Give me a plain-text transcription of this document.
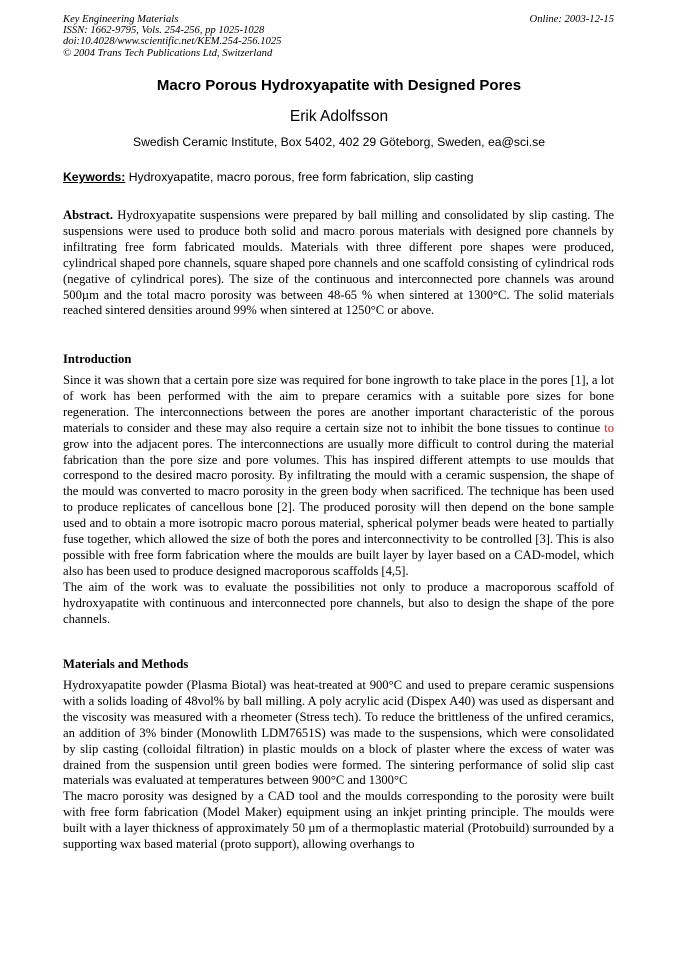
Key Engineering Materials
ISSN: 1662-9795, Vols. 254-256, pp 1025-1028
doi:10.4028/www.scientific.net/KEM.254-256.1025
© 2004 Trans Tech Publications Ltd, Switzerland
Online: 2003-12-15
Macro Porous Hydroxyapatite with Designed Pores
Erik Adolfsson
Swedish Ceramic Institute, Box 5402, 402 29 Göteborg, Sweden, ea@sci.se
Keywords: Hydroxyapatite, macro porous, free form fabrication, slip casting

Abstract. Hydroxyapatite suspensions were prepared by ball milling and consolidated by slip casting. The suspensions were used to produce both solid and macro porous materials with designed pore channels by infiltrating free form fabricated moulds. Materials with three different pore shapes were produced, cylindrical shaped pore channels, square shaped pore channels and one scaffold consisting of cylindrical rods (negative of cylindrical pores). The size of the continuous and interconnected pore channels was around 500µm and the total macro porosity was between 48-65 % when sintered at 1300°C. The solid materials reached sintered densities around 99% when sintered at 1250°C or above.

Introduction

Since it was shown that a certain pore size was required for bone ingrowth to take place in the pores [1], a lot of work has been performed with the aim to prepare ceramics with a suitable pore sizes for bone regeneration. The interconnections between the pores are another important characteristic of the porous materials to consider and these may also require a certain size not to inhibit the bone tissues to continue to grow into the adjacent pores. The interconnections are usually more difficult to control during the material fabrication than the pore size and pore volumes. This has inspired different attempts to use moulds that correspond to the desired macro porosity. By infiltrating the mould with a ceramic suspension, the shape of the mould was converted to macro porosity in the green body when sacrificed. The technique has been used to produce replicates of cancellous bone [2]. The produced porosity will then depend on the bone sample used and to obtain a more isotropic macro porous material, spherical polymer beads were heated to partially fuse together, which allowed the size of both the pores and interconnectivity to be controlled [3]. This is also possible with free form fabrication where the moulds are built layer by layer based on a CAD-model, which also has been used to produce designed macroporous scaffolds [4,5].

The aim of the work was to evaluate the possibilities not only to produce a macroporous scaffold of hydroxyapatite with continuous and interconnected pore channels, but also to design the shape of the pore channels.

Materials and Methods

Hydroxyapatite powder (Plasma Biotal) was heat-treated at 900°C and used to prepare ceramic suspensions with a solids loading of 48vol% by ball milling. A poly acrylic acid (Dispex A40) was used as dispersant and the viscosity was measured with a rheometer (Stress tech). To reduce the brittleness of the unfired ceramics, an addition of 3% binder (Monowlith LDM7651S) was made to the suspensions, which were consolidated by slip casting (colloidal filtration) in plastic moulds on a block of plaster where the excess of water was drained from the suspension until green bodies were formed. The sintering performance of solid slip cast materials was evaluated at temperatures between 900°C and 1300°C

The macro porosity was designed by a CAD tool and the moulds corresponding to the porosity were built with free form fabrication (Model Maker) equipment using an inkjet printing principle. The moulds were built with a layer thickness of approximately 50 µm of a thermoplastic material (Protobuild) surrounded by a supporting wax based material (proto support), allowing overhangs to
